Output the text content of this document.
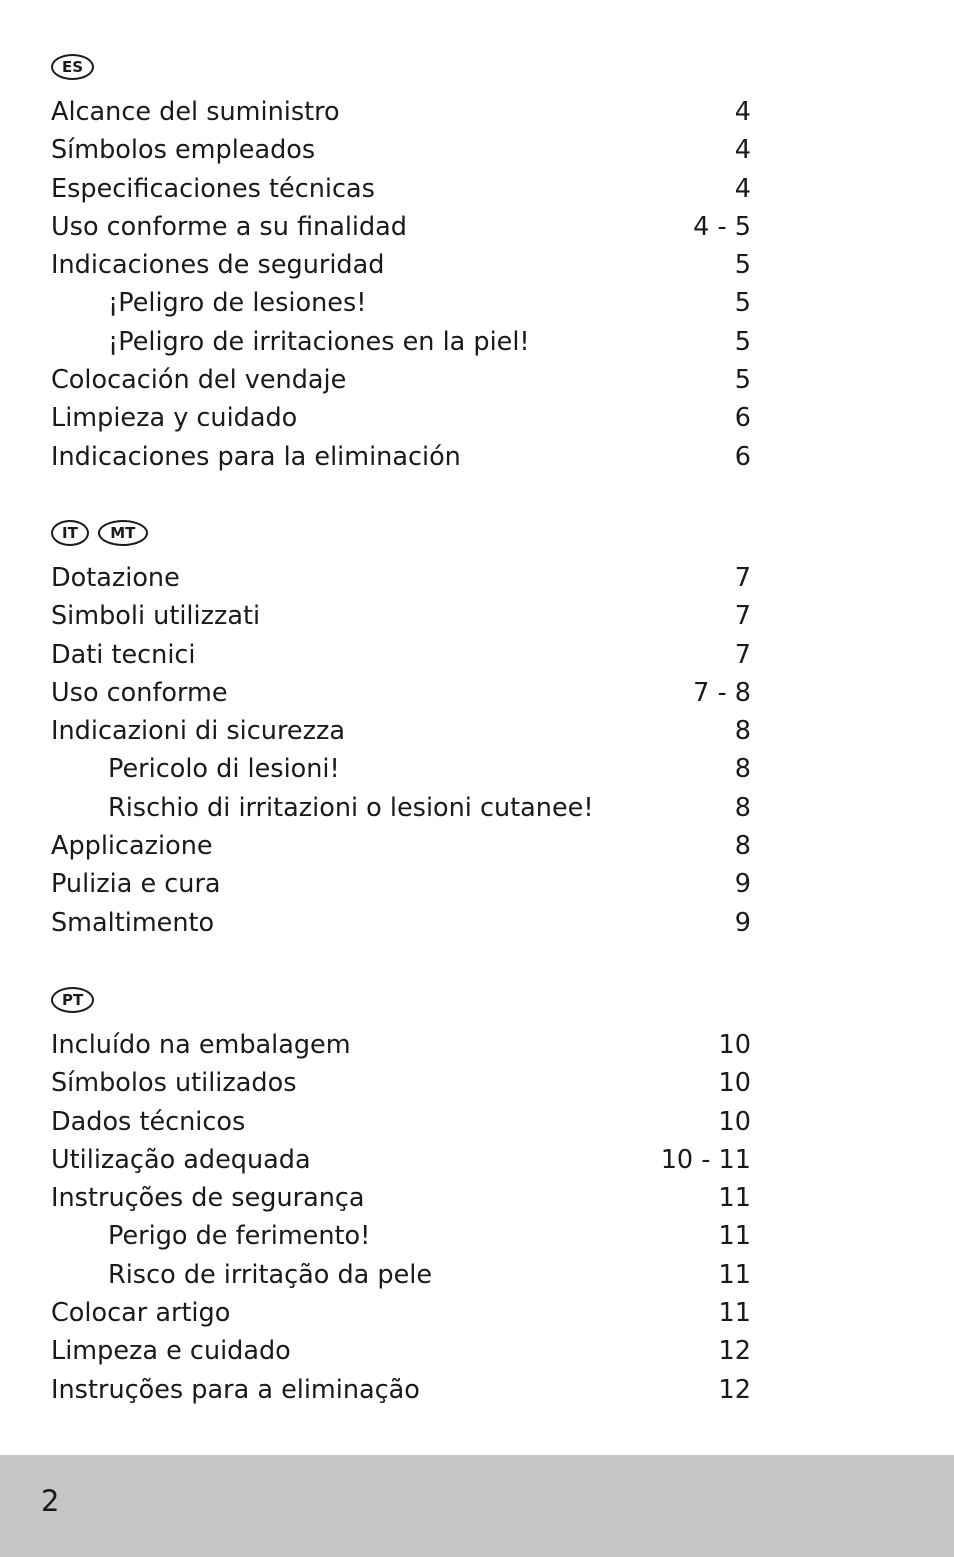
ES
Alcance del suministro	4
Símbolos empleados	4
Especificaciones técnicas	4
Uso conforme a su finalidad	4 - 5
Indicaciones de seguridad	5
¡Peligro de lesiones!	5
¡Peligro de irritaciones en la piel!	5
Colocación del vendaje	5
Limpieza y cuidado	6
Indicaciones para la eliminación	6
IT	MT
Dotazione	7
Simboli utilizzati	7
Dati tecnici	7
Uso conforme	7 - 8
Indicazioni di sicurezza	8
Pericolo di lesioni!	8
Rischio di irritazioni o lesioni cutanee!	8
Applicazione	8
Pulizia e cura	9
Smaltimento	9
PT
Incluído na embalagem	10
Símbolos utilizados	10
Dados técnicos	10
Utilização adequada	10 - 11
Instruções de segurança	11
Perigo de ferimento!	11
Risco de irritação da pele	11
Colocar artigo	11
Limpeza e cuidado	12
Instruções para a eliminação	12
2
